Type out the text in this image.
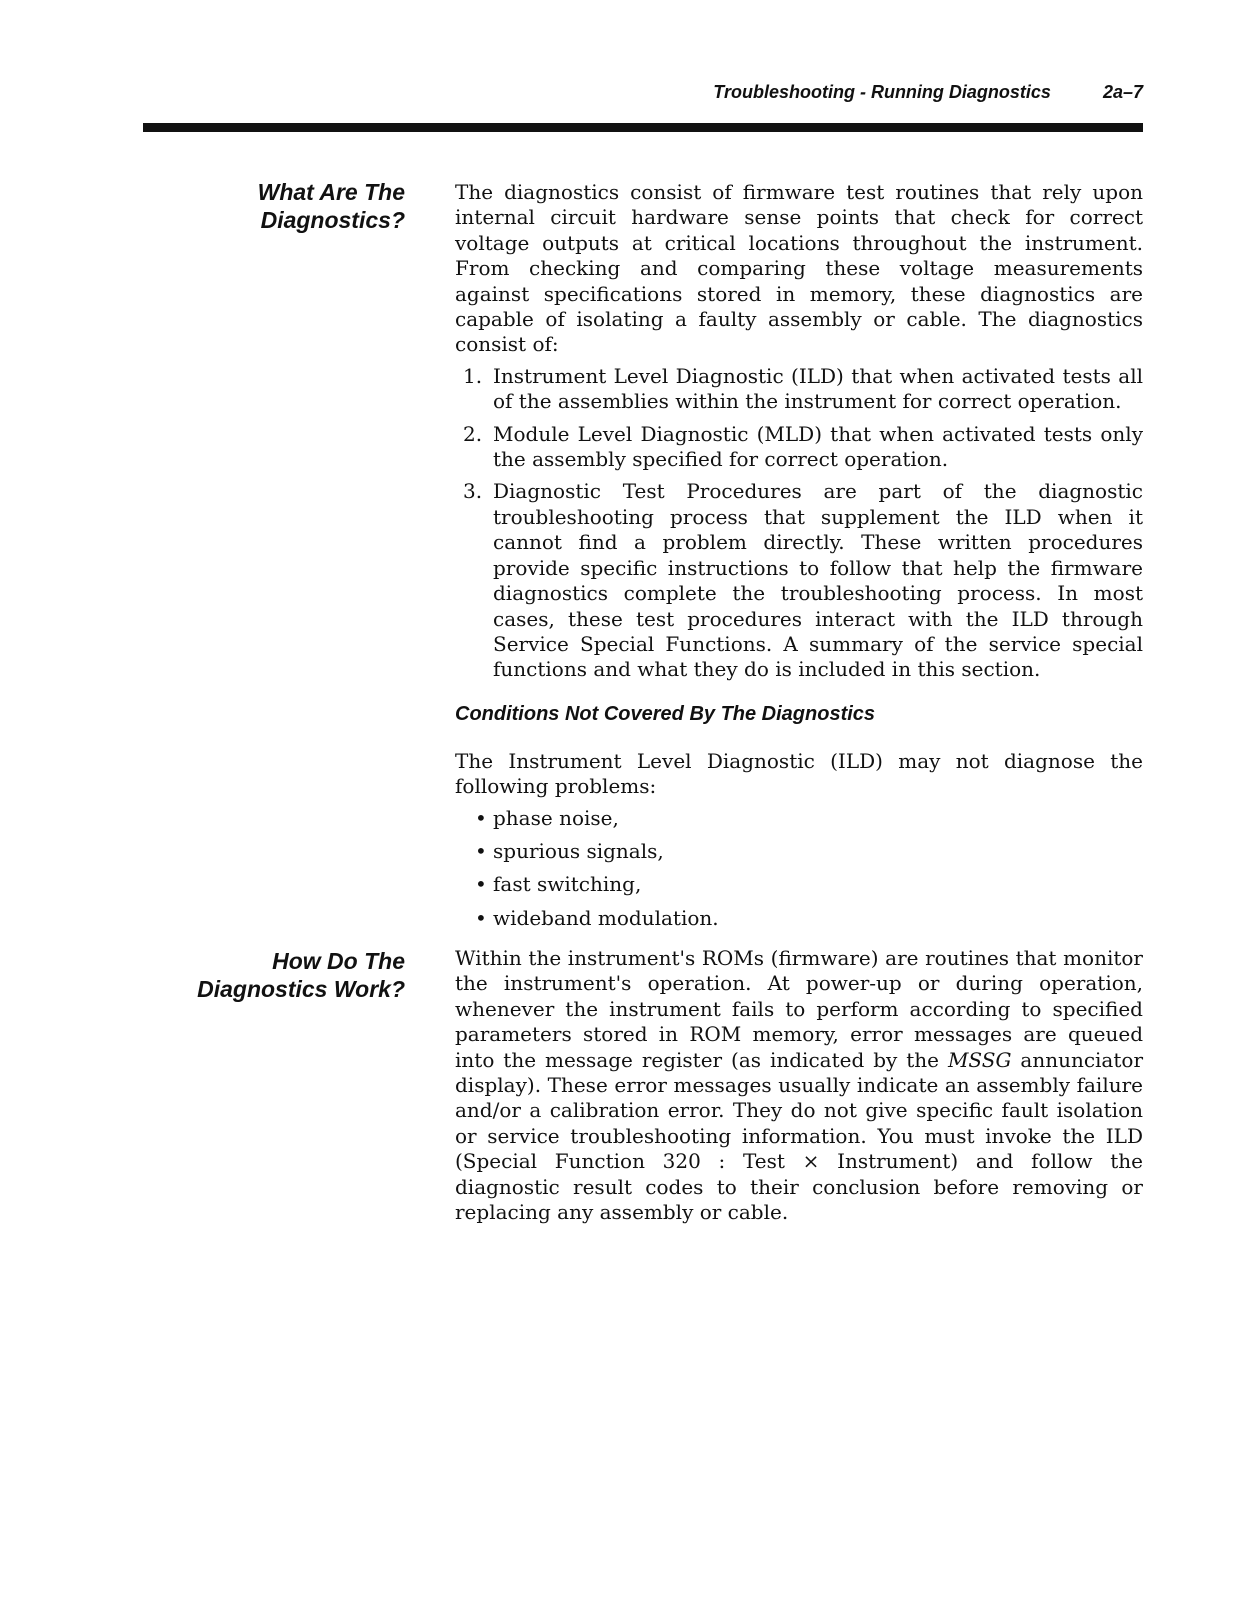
Troubleshooting - Running Diagnostics	2a–7
What Are The
Diagnostics?

The diagnostics consist of firmware test routines that rely upon internal circuit hardware sense points that check for correct voltage outputs at critical locations throughout the instrument. From checking and comparing these voltage measurements against specifications stored in memory, these diagnostics are capable of isolating a faulty assembly or cable. The diagnostics consist of:

1. Instrument Level Diagnostic (ILD) that when activated tests all of the assemblies within the instrument for correct operation.
2. Module Level Diagnostic (MLD) that when activated tests only the assembly specified for correct operation.
3. Diagnostic Test Procedures are part of the diagnostic troubleshooting process that supplement the ILD when it cannot find a problem directly. These written procedures provide specific instructions to follow that help the firmware diagnostics complete the troubleshooting process. In most cases, these test procedures interact with the ILD through Service Special Functions. A summary of the service special functions and what they do is included in this section.
Conditions Not Covered By The Diagnostics

The Instrument Level Diagnostic (ILD) may not diagnose the following problems:

• phase noise,
• spurious signals,
• fast switching,
• wideband modulation.
How Do The
Diagnostics Work?

Within the instrument's ROMs (firmware) are routines that monitor the instrument's operation. At power-up or during operation, whenever the instrument fails to perform according to specified parameters stored in ROM memory, error messages are queued into the message register (as indicated by the MSSG annunciator display). These error messages usually indicate an assembly failure and/or a calibration error. They do not give specific fault isolation or service troubleshooting information. You must invoke the ILD (Special Function 320 : Test × Instrument) and follow the diagnostic result codes to their conclusion before removing or replacing any assembly or cable.
